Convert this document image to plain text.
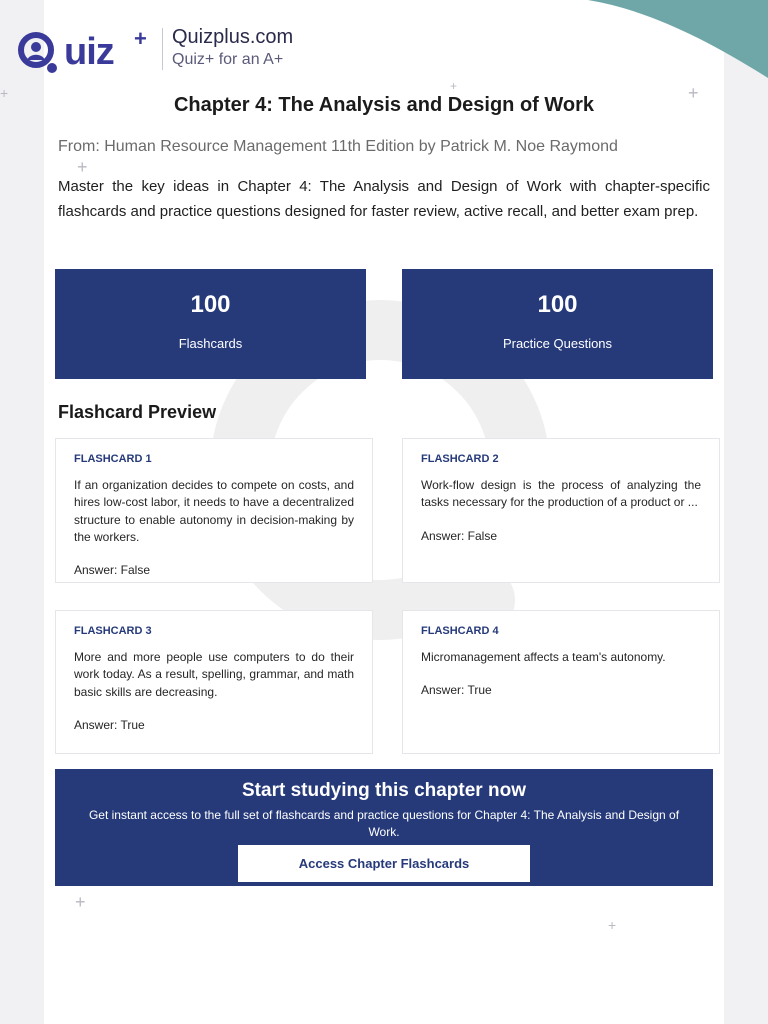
+
+
+
+
+	+
uiz + Quizplus.com
Quiz+ for an A+
Chapter 4: The Analysis and Design of Work
From: Human Resource Management 11th Edition by Patrick M. Noe Raymond
Master the key ideas in Chapter 4: The Analysis and Design of Work with chapter-specific flashcards and practice questions designed for faster review, active recall, and better exam prep.
100
Flashcards
100
Practice Questions
Flashcard Preview
FLASHCARD 1
If an organization decides to compete on costs, and hires low-cost labor, it needs to have a decentralized structure to enable autonomy in decision-making by the workers.
Answer: False
FLASHCARD 2
Work-flow design is the process of analyzing the tasks necessary for the production of a product or ...
Answer: False
FLASHCARD 3
More and more people use computers to do their work today. As a result, spelling, grammar, and math basic skills are decreasing.
Answer: True
FLASHCARD 4
Micromanagement affects a team's autonomy.
Answer: True
Start studying this chapter now
Get instant access to the full set of flashcards and practice questions for Chapter 4: The Analysis and Design of Work.
Access Chapter Flashcards
